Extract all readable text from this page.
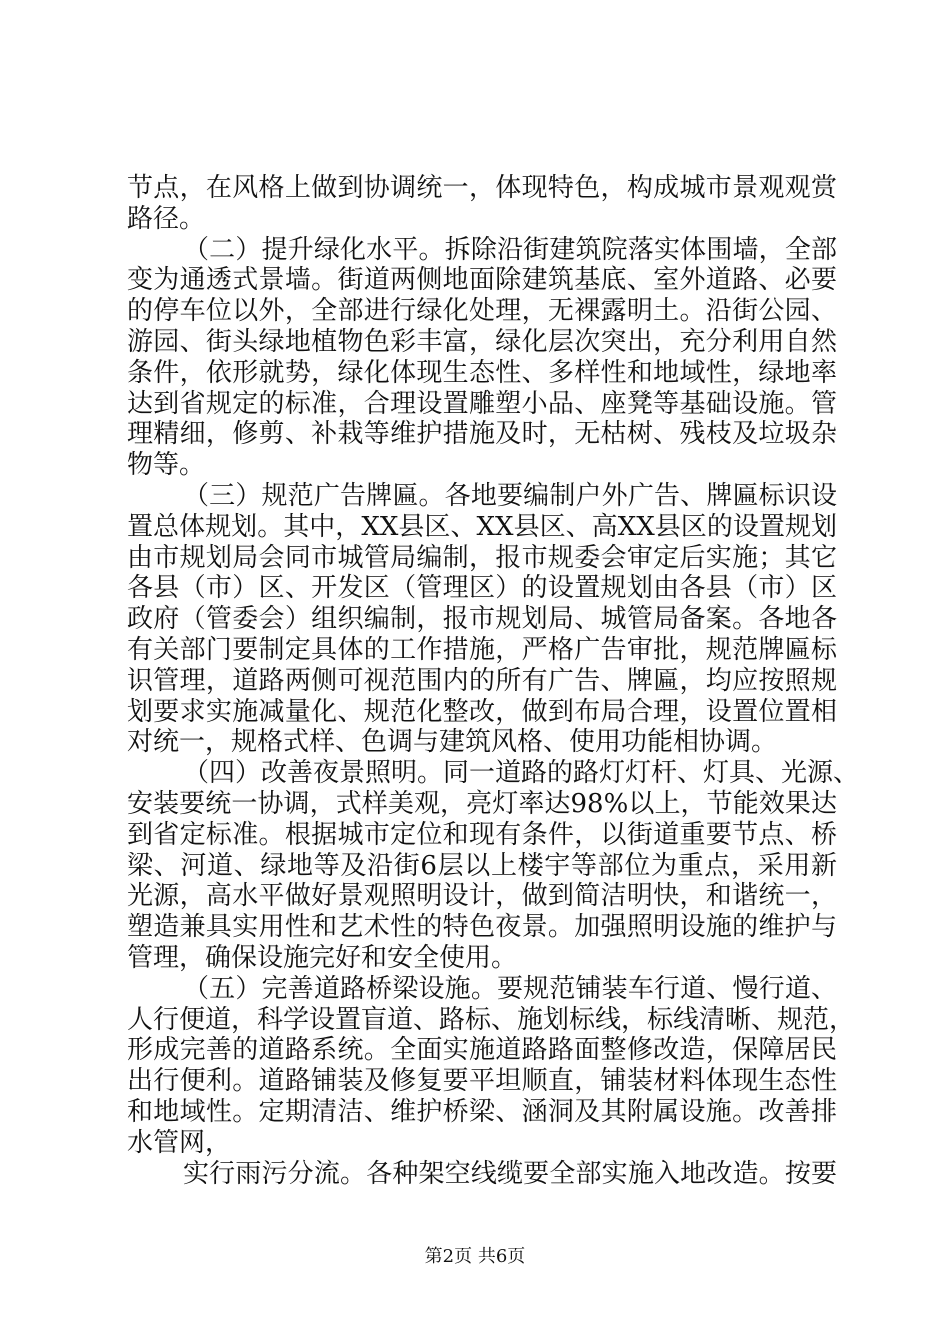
节点，在风格上做到协调统一，体现特色，构成城市景观观赏
路径。
（二）提升绿化水平。拆除沿街建筑院落实体围墙，全部
变为通透式景墙。街道两侧地面除建筑基底、室外道路、必要
的停车位以外，全部进行绿化处理，无裸露明土。沿街公园、
游园、街头绿地植物色彩丰富，绿化层次突出，充分利用自然
条件，依形就势，绿化体现生态性、多样性和地域性，绿地率
达到省规定的标准，合理设置雕塑小品、座凳等基础设施。管
理精细，修剪、补栽等维护措施及时，无枯树、残枝及垃圾杂
物等。
（三）规范广告牌匾。各地要编制户外广告、牌匾标识设
置总体规划。其中，XX县区、XX县区、高XX县区的设置规划
由市规划局会同市城管局编制，报市规委会审定后实施；其它
各县（市）区、开发区（管理区）的设置规划由各县（市）区
政府（管委会）组织编制，报市规划局、城管局备案。各地各
有关部门要制定具体的工作措施，严格广告审批，规范牌匾标
识管理，道路两侧可视范围内的所有广告、牌匾，均应按照规
划要求实施减量化、规范化整改，做到布局合理，设置位置相
对统一，规格式样、色调与建筑风格、使用功能相协调。
（四）改善夜景照明。同一道路的路灯灯杆、灯具、光源、
安装要统一协调，式样美观，亮灯率达98%以上，节能效果达
到省定标准。根据城市定位和现有条件，以街道重要节点、桥
梁、河道、绿地等及沿街6层以上楼宇等部位为重点，采用新
光源，高水平做好景观照明设计，做到简洁明快，和谐统一，
塑造兼具实用性和艺术性的特色夜景。加强照明设施的维护与
管理，确保设施完好和安全使用。
（五）完善道路桥梁设施。要规范铺装车行道、慢行道、
人行便道，科学设置盲道、路标、施划标线，标线清晰、规范，
形成完善的道路系统。全面实施道路路面整修改造，保障居民
出行便利。道路铺装及修复要平坦顺直，铺装材料体现生态性
和地域性。定期清洁、维护桥梁、涵洞及其附属设施。改善排
水管网，
实行雨污分流。各种架空线缆要全部实施入地改造。按要
第2页 共6页
